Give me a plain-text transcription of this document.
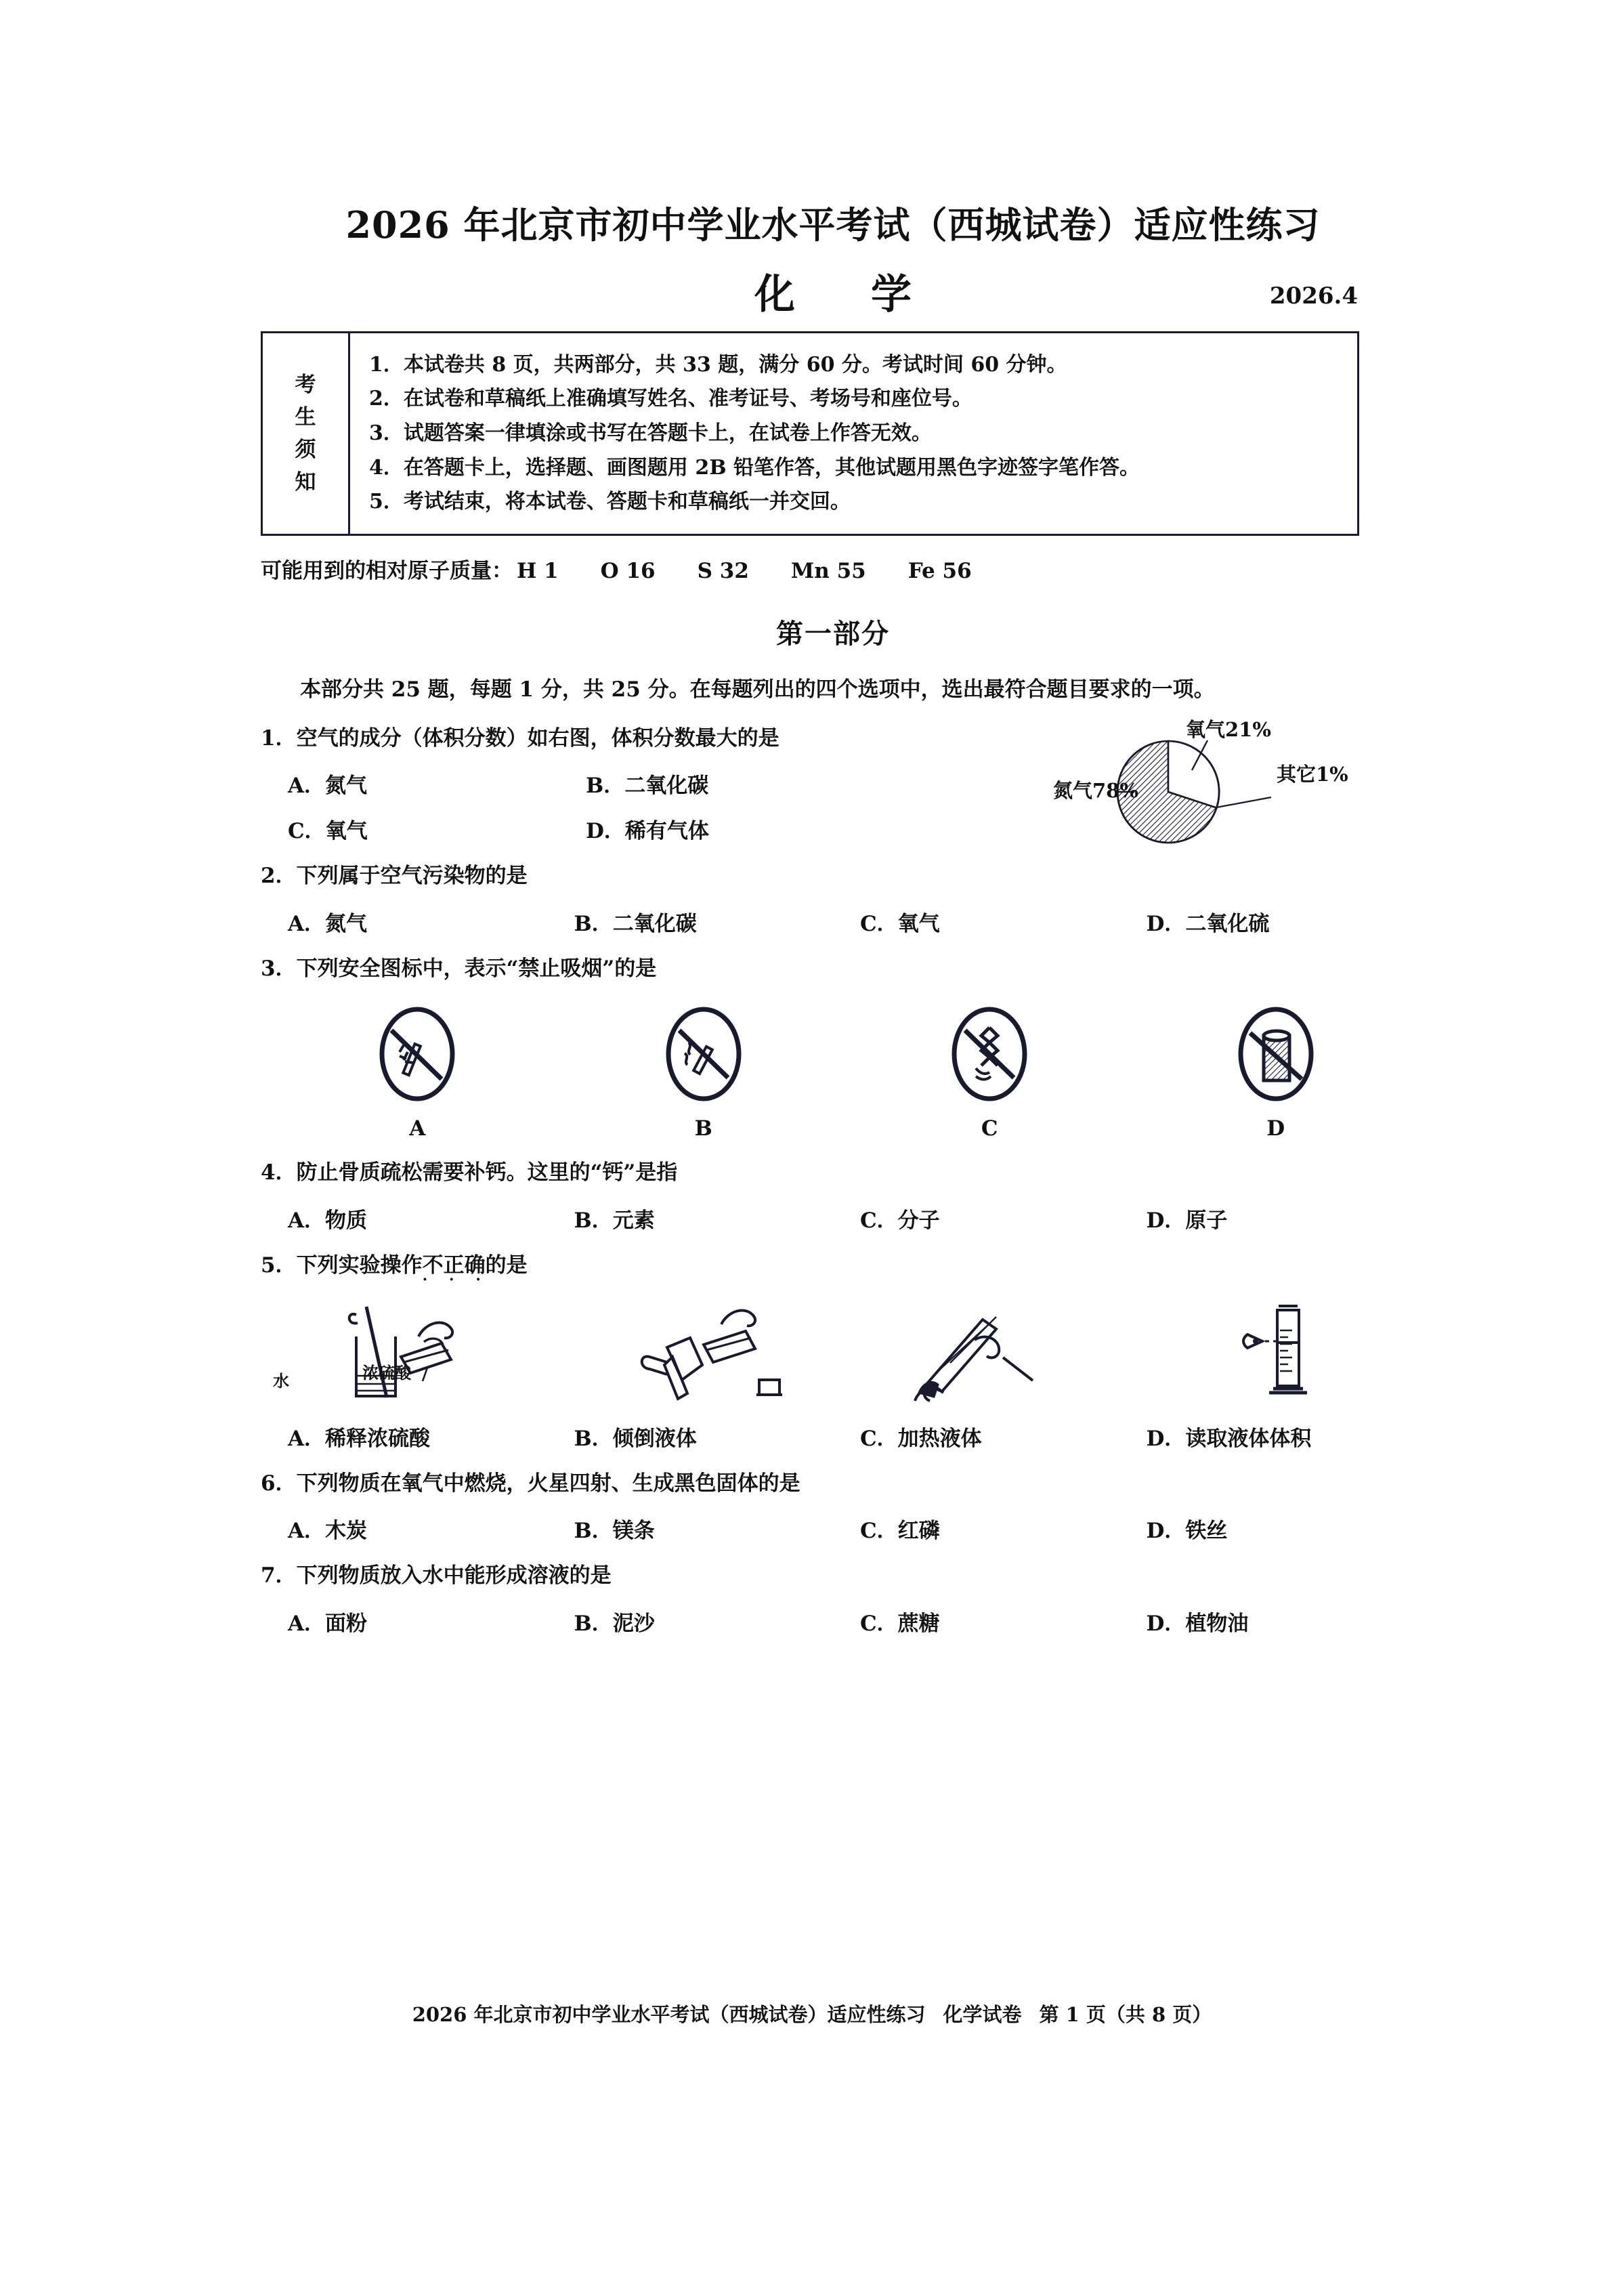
2026 年北京市初中学业水平考试（西城试卷）适应性练习
化　学	2026.4
考
生
须
知
1．本试卷共 8 页，共两部分，共 33 题，满分 60 分。考试时间 60 分钟。
2．在试卷和草稿纸上准确填写姓名、准考证号、考场号和座位号。
3．试题答案一律填涂或书写在答题卡上，在试卷上作答无效。
4．在答题卡上，选择题、画图题用 2B 铅笔作答，其他试题用黑色字迹签字笔作答。
5．考试结束，将本试卷、答题卡和草稿纸一并交回。
可能用到的相对原子质量： H 1 O 16 S 32 Mn 55 Fe 56
第一部分
本部分共 25 题，每题 1 分，共 25 分。在每题列出的四个选项中，选出最符合题目要求的一项。
1．空气的成分（体积分数）如右图，体积分数最大的是	氧气21%
其它1%
氮气78%
A．氮气	B．二氧化碳
C．氧气	D．稀有气体
2．下列属于空气污染物的是
A．氮气	B．二氧化碳	C．氧气	D．二氧化硫
3．下列安全图标中，表示“禁止吸烟”的是
A	B	C	D
4．防止骨质疏松需要补钙。这里的“钙”是指
A．物质	B．元素	C．分子	D．原子
5．下列实验操作不正确 · · ·的是
水	浓硫酸
A．稀释浓硫酸	B．倾倒液体	C．加热液体	D．读取液体体积
6．下列物质在氧气中燃烧，火星四射、生成黑色固体的是
A．木炭	B．镁条	C．红磷	D．铁丝
7．下列物质放入水中能形成溶液的是
A．面粉	B．泥沙	C．蔗糖	D．植物油
2026 年北京市初中学业水平考试（西城试卷）适应性练习 化学试卷 第 1 页（共 8 页）
